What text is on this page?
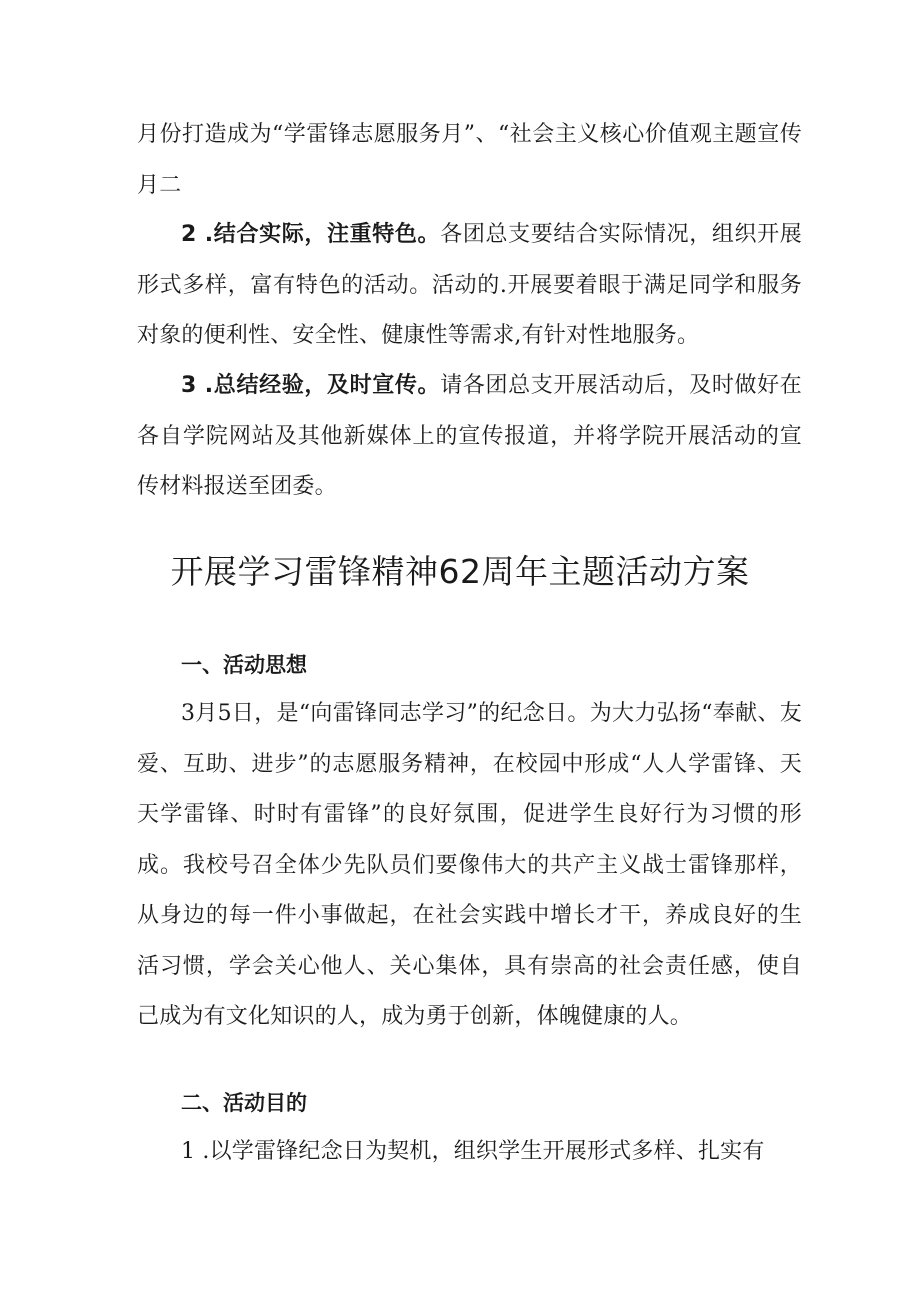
月份打造成为“学雷锋志愿服务月”、“社会主义核心价值观主题宣传月二

2 .结合实际，注重特色。各团总支要结合实际情况，组织开展形式多样，富有特色的活动。活动的.开展要着眼于满足同学和服务对象的便利性、安全性、健康性等需求,有针对性地服务。

3 .总结经验，及时宣传。请各团总支开展活动后，及时做好在各自学院网站及其他新媒体上的宣传报道，并将学院开展活动的宣传材料报送至团委。

开展学习雷锋精神62周年主题活动方案
一、活动思想

3月5日，是“向雷锋同志学习”的纪念日。为大力弘扬“奉献、友爱、互助、进步”的志愿服务精神，在校园中形成“人人学雷锋、天天学雷锋、时时有雷锋”的良好氛围，促进学生良好行为习惯的形成。我校号召全体少先队员们要像伟大的共产主义战士雷锋那样，从身边的每一件小事做起，在社会实践中增长才干，养成良好的生活习惯，学会关心他人、关心集体，具有崇高的社会责任感，使自己成为有文化知识的人，成为勇于创新，体魄健康的人。

二、活动目的

1 .以学雷锋纪念日为契机，组织学生开展形式多样、扎实有
